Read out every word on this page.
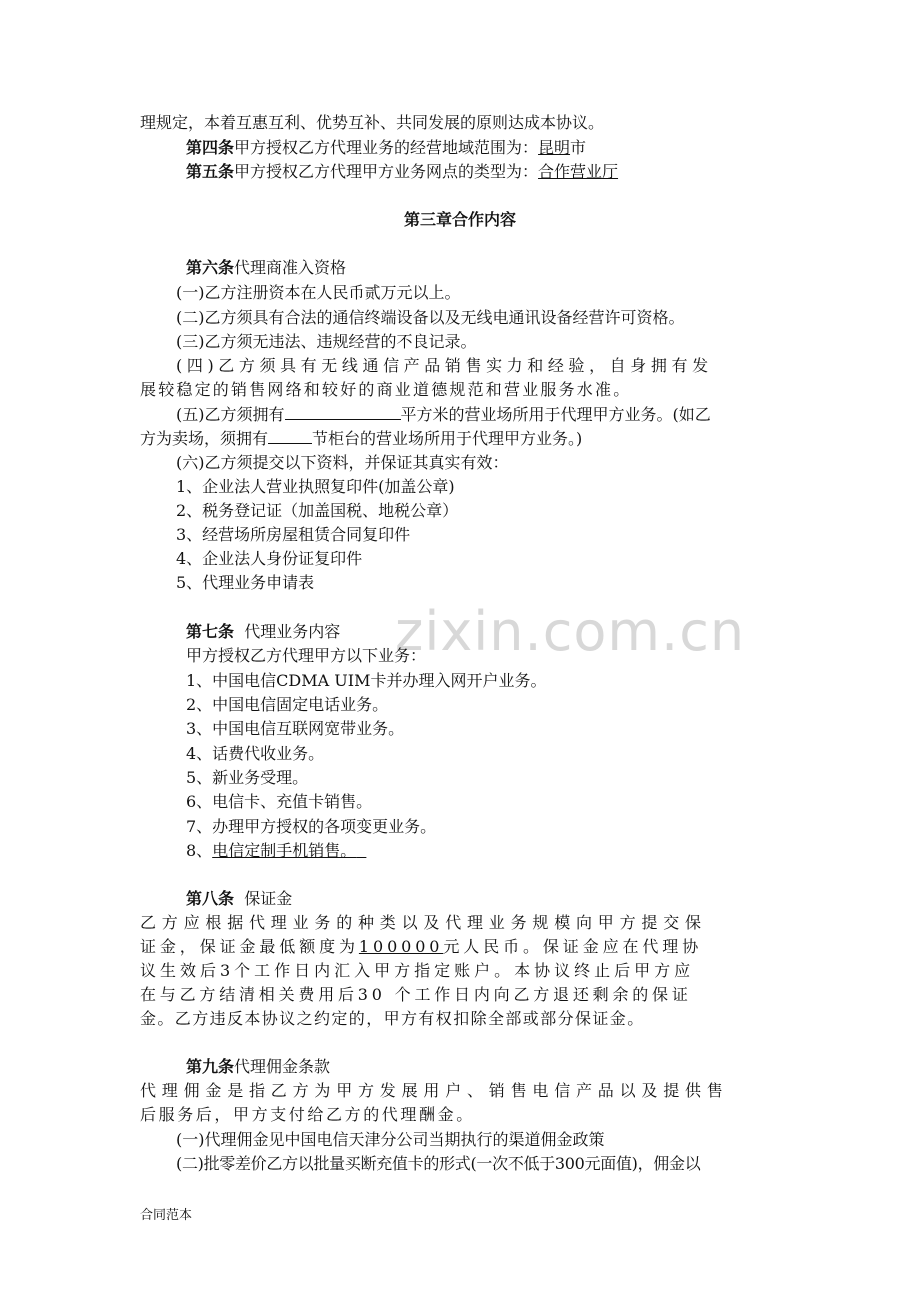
理规定，本着互惠互利、优势互补、共同发展的原则达成本协议。
第四条甲方授权乙方代理业务的经营地域范围为：昆明市
第五条甲方授权乙方代理甲方业务网点的类型为：合作营业厅
第三章合作内容
第六条代理商准入资格
(一)乙方注册资本在人民币贰万元以上。
(二)乙方须具有合法的通信终端设备以及无线电通讯设备经营许可资格。
(三)乙方须无违法、违规经营的不良记录。
(四)乙方须具有无线通信产品销售实力和经验，自身拥有发
展较稳定的销售网络和较好的商业道德规范和营业服务水准。
(五)乙方须拥有	平方米的营业场所用于代理甲方业务。(如乙
方为卖场，须拥有	节柜台的营业场所用于代理甲方业务。)
(六)乙方须提交以下资料，并保证其真实有效：
1、企业法人营业执照复印件(加盖公章)
2、税务登记证（加盖国税、地税公章）
3、经营场所房屋租赁合同复印件
4、企业法人身份证复印件
5、代理业务申请表
zixin.com.cn
第七条 代理业务内容
甲方授权乙方代理甲方以下业务：
1、中国电信CDMA UIM卡并办理入网开户业务。
2、中国电信固定电话业务。
3、中国电信互联网宽带业务。
4、话费代收业务。
5、新业务受理。
6、电信卡、充值卡销售。
7、办理甲方授权的各项变更业务。
8、电信定制手机销售。
第八条 保证金
乙方应根据代理业务的种类以及代理业务规模向甲方提交保
证金，保证金最低额度为100000元人民币。保证金应在代理协
议生效后3个工作日内汇入甲方指定账户。本协议终止后甲方应
在与乙方结清相关费用后30 个工作日内向乙方退还剩余的保证
金。乙方违反本协议之约定的，甲方有权扣除全部或部分保证金。
第九条代理佣金条款
代理佣金是指乙方为甲方发展用户、销售电信产品以及提供售
后服务后，甲方支付给乙方的代理酬金。
(一)代理佣金见中国电信天津分公司当期执行的渠道佣金政策
(二)批零差价乙方以批量买断充值卡的形式(一次不低于300元面值)，佣金以
合同范本
